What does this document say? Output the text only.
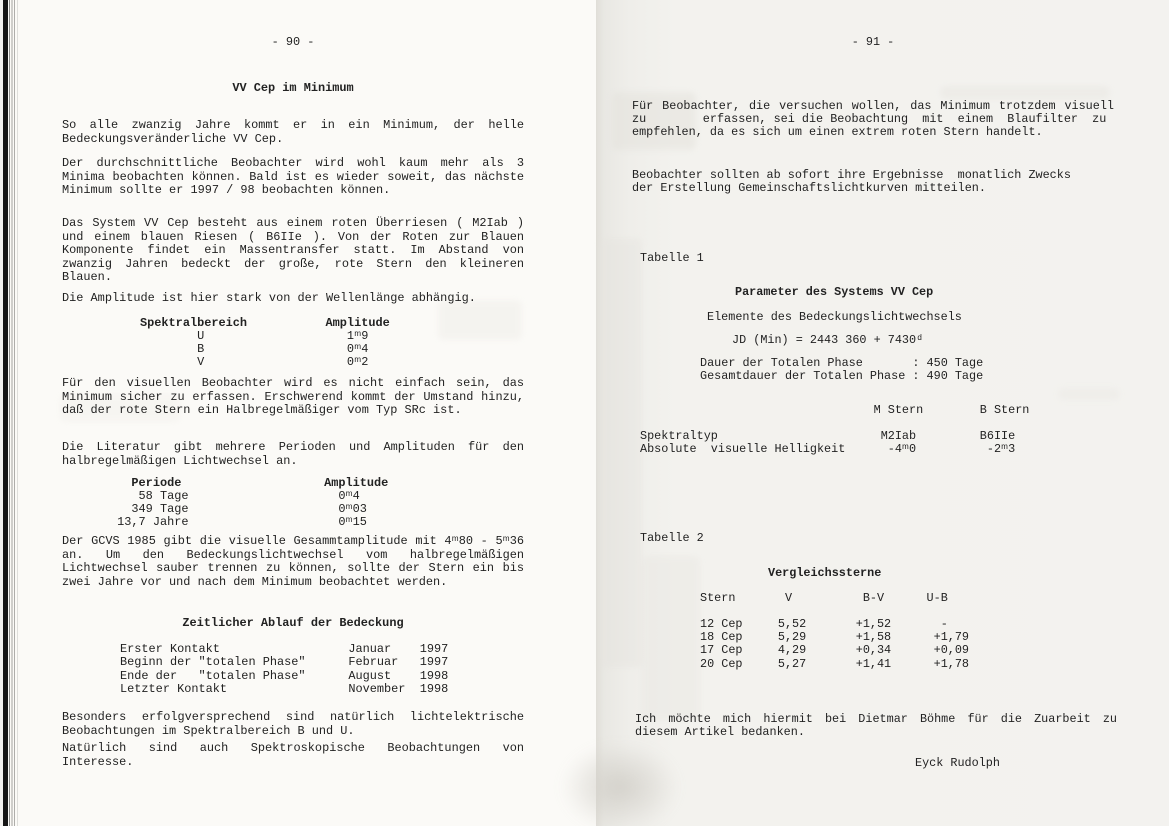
- 90 -
VV Cep im Minimum
So alle zwanzig Jahre kommt er in ein Minimum, der helle
Bedeckungsveränderliche VV Cep.
Der durchschnittliche Beobachter wird wohl kaum mehr als 3
Minima beobachten können. Bald ist es wieder soweit, das nächste
Minimum sollte er 1997 / 98 beobachten können.
Das System VV Cep besteht aus einem roten Überriesen ( M2Iab )
und einem blauen Riesen ( B6IIe ). Von der Roten zur Blauen
Komponente findet ein Massentransfer statt. Im Abstand von
zwanzig Jahren bedeckt der große, rote Stern den kleineren
Blauen.
Die Amplitude ist hier stark von der Wellenlänge abhängig.
Spektralbereich           Amplitude
U                    1ᵐ9
B                    0ᵐ4
V                    0ᵐ2
Für den visuellen Beobachter wird es nicht einfach sein, das
Minimum sicher zu erfassen. Erschwerend kommt der Umstand hinzu,
daß der rote Stern ein Halbregelmäßiger vom Typ SRc ist.
Die Literatur gibt mehrere Perioden und Amplituden für den
halbregelmäßigen Lichtwechsel an.
Periode                    Amplitude
58 Tage                     0ᵐ4
349 Tage                     0ᵐ03
13,7 Jahre                     0ᵐ15
Der GCVS 1985 gibt die visuelle Gesammtamplitude mit 4ᵐ80 - 5ᵐ36
an. Um den Bedeckungslichtwechsel vom halbregelmäßigen
Lichtwechsel sauber trennen zu können, sollte der Stern ein bis
zwei Jahre vor und nach dem Minimum beobachtet werden.
Zeitlicher Ablauf der Bedeckung
Erster Kontakt                  Januar    1997
Beginn der "totalen Phase"      Februar   1997
Ende der   "totalen Phase"      August    1998
Letzter Kontakt                 November  1998
Besonders erfolgversprechend sind natürlich lichtelektrische
Beobachtungen im Spektralbereich B und U.
Natürlich sind auch Spektroskopische Beobachtungen von
Interesse.
- 91 -
Für Beobachter, die versuchen wollen, das Minimum trotzdem visuell
zu        erfassen, sei die Beobachtung  mit  einem  Blaufilter  zu
empfehlen, da es sich um einen extrem roten Stern handelt.
Beobachter sollten ab sofort ihre Ergebnisse  monatlich Zwecks
der Erstellung Gemeinschaftslichtkurven mitteilen.
Tabelle 1
Parameter des Systems VV Cep
Elemente des Bedeckungslichtwechsels
JD (Min) = 2443 360 + 7430ᵈ
Dauer der Totalen Phase       : 450 Tage
Gesamtdauer der Totalen Phase : 490 Tage
M Stern        B Stern
Spektraltyp                       M2Iab         B6IIe
Absolute  visuelle Helligkeit      -4ᵐ0          -2ᵐ3
Tabelle 2
Vergleichssterne
Stern       V          B-V      U-B
12 Cep     5,52       +1,52       -
18 Cep     5,29       +1,58      +1,79
17 Cep     4,29       +0,34      +0,09
20 Cep     5,27       +1,41      +1,78
Ich möchte mich hiermit bei Dietmar Böhme für die Zuarbeit zu
diesem Artikel bedanken.
Eyck Rudolph
